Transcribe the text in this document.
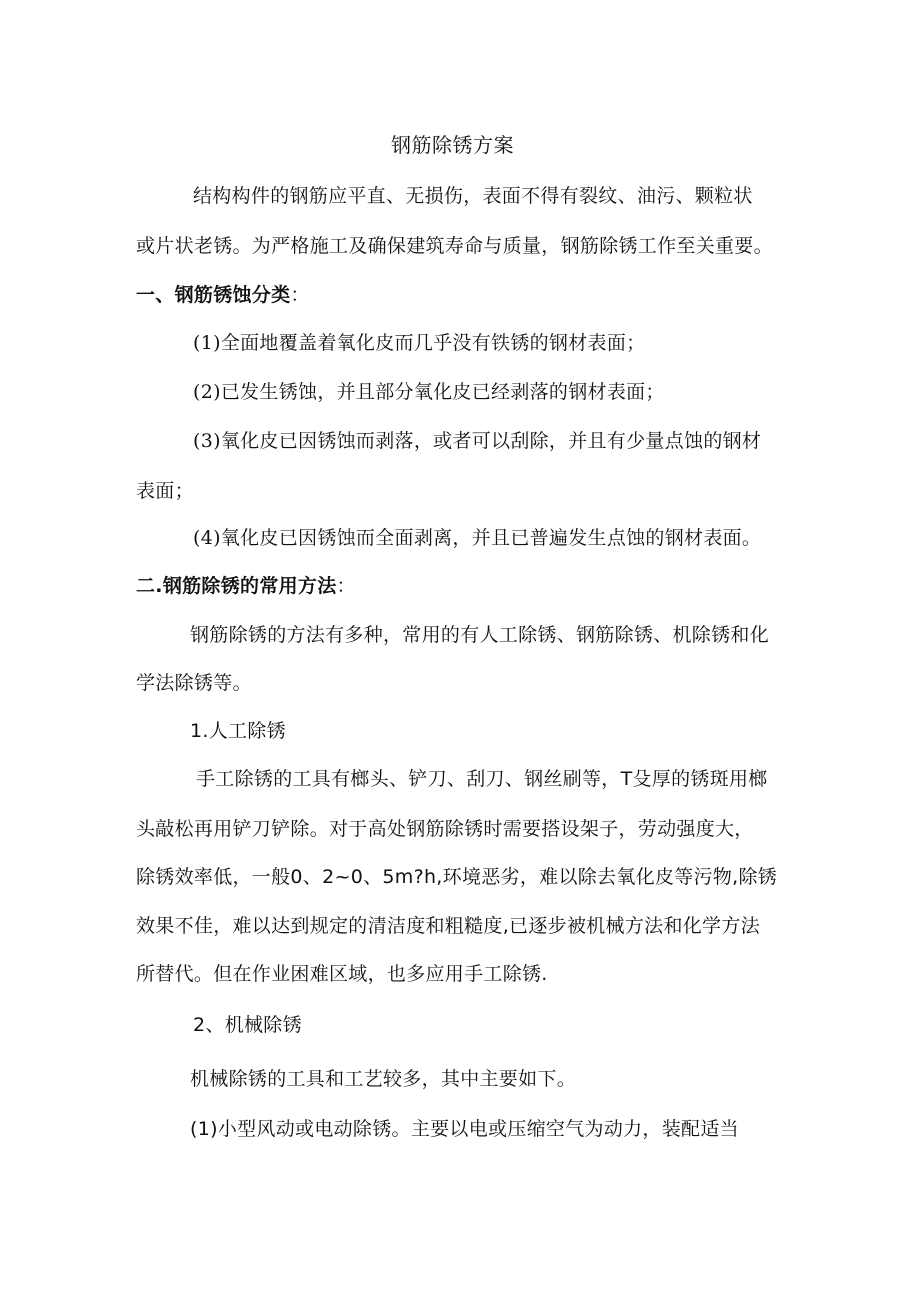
钢筋除锈方案
结构构件的钢筋应平直、无损伤，表面不得有裂纹、油污、颗粒状
或片状老锈。为严格施工及确保建筑寿命与质量，钢筋除锈工作至关重要。
一、钢筋锈蚀分类：
(1)全面地覆盖着氧化皮而几乎没有铁锈的钢材表面；
(2)已发生锈蚀，并且部分氧化皮已经剥落的钢材表面；
(3)氧化皮已因锈蚀而剥落，或者可以刮除，并且有少量点蚀的钢材
表面；
(4)氧化皮已因锈蚀而全面剥离，并且已普遍发生点蚀的钢材表面。
二.钢筋除锈的常用方法：
钢筋除锈的方法有多种，常用的有人工除锈、钢筋除锈、机除锈和化
学法除锈等。
1.人工除锈
手工除锈的工具有榔头、铲刀、刮刀、钢丝刷等，T殳厚的锈斑用榔
头敲松再用铲刀铲除。对于高处钢筋除锈时需要搭设架子，劳动强度大，
除锈效率低，一般0、2~0、5m?h,环境恶劣，难以除去氧化皮等污物,除锈
效果不佳，难以达到规定的清洁度和粗糙度,已逐步被机械方法和化学方法
所替代。但在作业困难区域，也多应用手工除锈.
2、机械除锈
机械除锈的工具和工艺较多，其中主要如下。
(1)小型风动或电动除锈。主要以电或压缩空气为动力，装配适当
